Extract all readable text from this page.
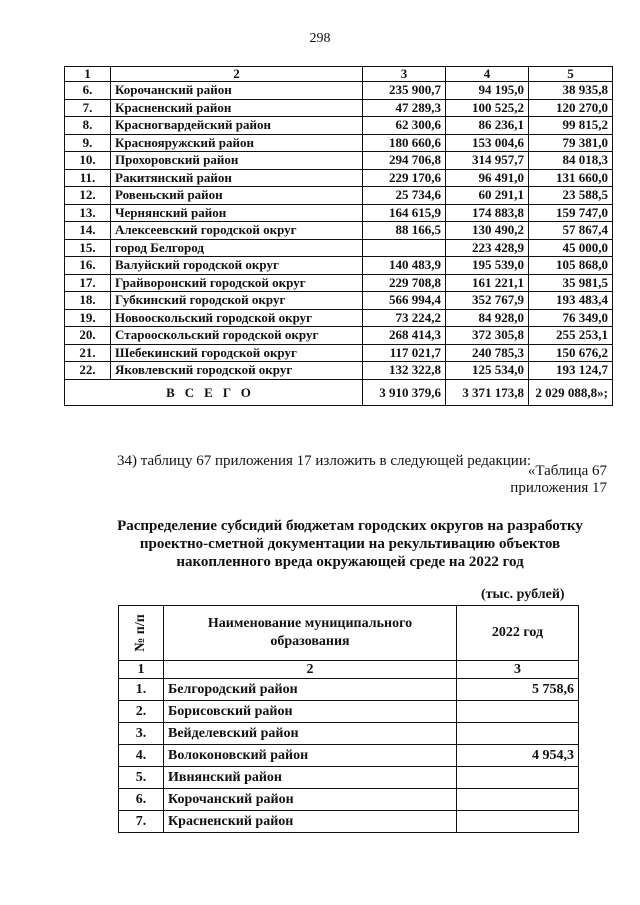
298
1	2	3	4	5
6.	Корочанский район	235 900,7	94 195,0	38 935,8
7.	Красненский район	47 289,3	100 525,2	120 270,0
8.	Красногвардейский район	62 300,6	86 236,1	99 815,2
9.	Краснояружский район	180 660,6	153 004,6	79 381,0
10.	Прохоровский район	294 706,8	314 957,7	84 018,3
11.	Ракитянский район	229 170,6	96 491,0	131 660,0
12.	Ровеньский район	25 734,6	60 291,1	23 588,5
13.	Чернянский район	164 615,9	174 883,8	159 747,0
14.	Алексеевский городской округ	88 166,5	130 490,2	57 867,4
15.	город Белгород		223 428,9	45 000,0
16.	Валуйский городской округ	140 483,9	195 539,0	105 868,0
17.	Грайворонский городской округ	229 708,8	161 221,1	35 981,5
18.	Губкинский городской округ	566 994,4	352 767,9	193 483,4
19.	Новооскольский городской округ	73 224,2	84 928,0	76 349,0
20.	Старооскольский городской округ	268 414,3	372 305,8	255 253,1
21.	Шебекинский городской округ	117 021,7	240 785,3	150 676,2
22.	Яковлевский городской округ	132 322,8	125 534,0	193 124,7
ВСЕГО		3 910 379,6	3 371 173,8	2 029 088,8»;
34) таблицу 67 приложения 17 изложить в следующей редакции:
«Таблица 67
приложения 17
Распределение субсидий бюджетам городских округов на разработку
проектно-сметной документации на рекультивацию объектов
накопленного вреда окружающей среде на 2022 год
(тыс. рублей)
№ п/п	Наименование муниципального образования	2022 год
1	2	3
1.	Белгородский район	5 758,6
2.	Борисовский район	
3.	Вейделевский район	
4.	Волоконовский район	4 954,3
5.	Ивнянский район	
6.	Корочанский район	
7.	Красненский район	
